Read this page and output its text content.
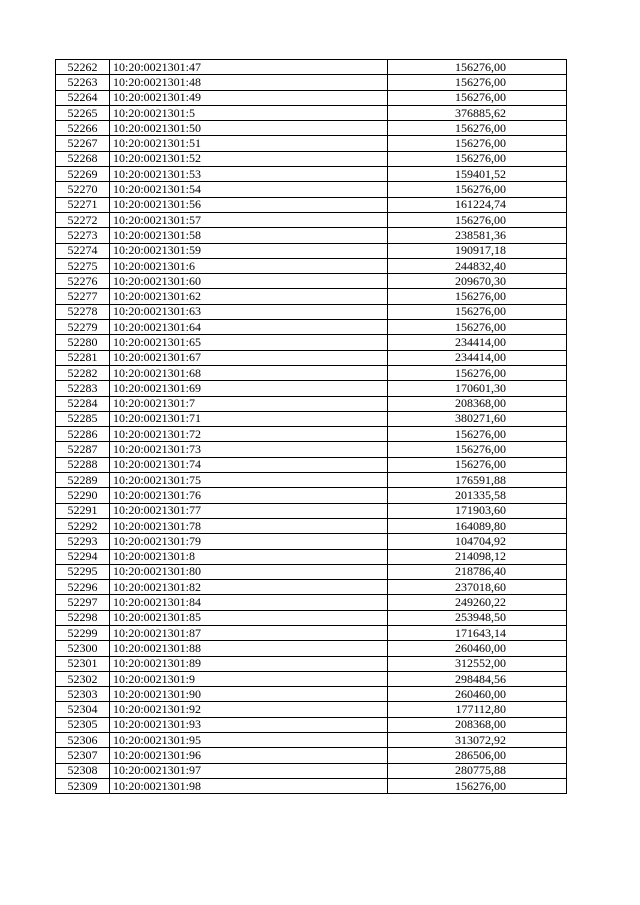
52262	10:20:0021301:47	156276,00
52263	10:20:0021301:48	156276,00
52264	10:20:0021301:49	156276,00
52265	10:20:0021301:5	376885,62
52266	10:20:0021301:50	156276,00
52267	10:20:0021301:51	156276,00
52268	10:20:0021301:52	156276,00
52269	10:20:0021301:53	159401,52
52270	10:20:0021301:54	156276,00
52271	10:20:0021301:56	161224,74
52272	10:20:0021301:57	156276,00
52273	10:20:0021301:58	238581,36
52274	10:20:0021301:59	190917,18
52275	10:20:0021301:6	244832,40
52276	10:20:0021301:60	209670,30
52277	10:20:0021301:62	156276,00
52278	10:20:0021301:63	156276,00
52279	10:20:0021301:64	156276,00
52280	10:20:0021301:65	234414,00
52281	10:20:0021301:67	234414,00
52282	10:20:0021301:68	156276,00
52283	10:20:0021301:69	170601,30
52284	10:20:0021301:7	208368,00
52285	10:20:0021301:71	380271,60
52286	10:20:0021301:72	156276,00
52287	10:20:0021301:73	156276,00
52288	10:20:0021301:74	156276,00
52289	10:20:0021301:75	176591,88
52290	10:20:0021301:76	201335,58
52291	10:20:0021301:77	171903,60
52292	10:20:0021301:78	164089,80
52293	10:20:0021301:79	104704,92
52294	10:20:0021301:8	214098,12
52295	10:20:0021301:80	218786,40
52296	10:20:0021301:82	237018,60
52297	10:20:0021301:84	249260,22
52298	10:20:0021301:85	253948,50
52299	10:20:0021301:87	171643,14
52300	10:20:0021301:88	260460,00
52301	10:20:0021301:89	312552,00
52302	10:20:0021301:9	298484,56
52303	10:20:0021301:90	260460,00
52304	10:20:0021301:92	177112,80
52305	10:20:0021301:93	208368,00
52306	10:20:0021301:95	313072,92
52307	10:20:0021301:96	286506,00
52308	10:20:0021301:97	280775,88
52309	10:20:0021301:98	156276,00
